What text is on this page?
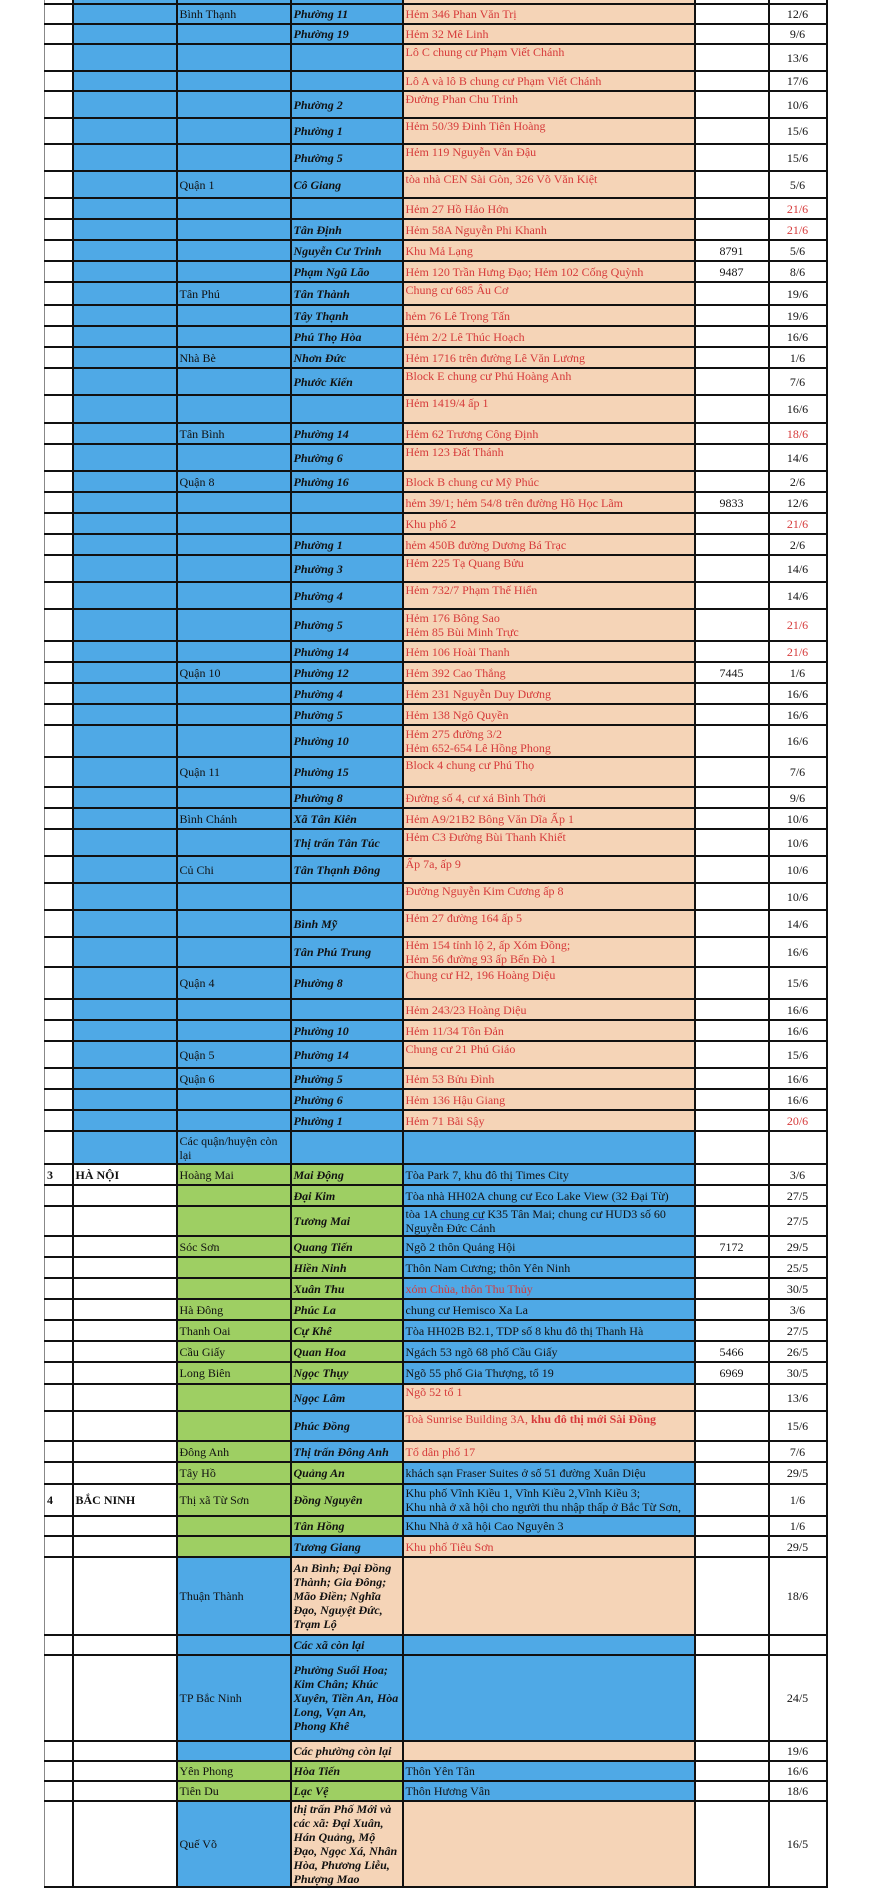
		Bình Thạnh	Phường 11	Hẻm 346 Phan Văn Trị		12/6
			Phường 19	Hẻm 32 Mê Linh		9/6
				Lô C chung cư Phạm Viết Chánh		13/6
				Lô A và lô B chung cư Phạm Viết Chánh		17/6
			Phường 2	Đường Phan Chu Trinh		10/6
			Phường 1	Hẻm 50/39 Đinh Tiên Hoàng		15/6
			Phường 5	Hẻm 119 Nguyễn Văn Đậu		15/6
		Quận 1	Cô Giang	tòa nhà CEN Sài Gòn, 326 Võ Văn Kiệt		5/6
				Hẻm 27 Hồ Hảo Hớn		21/6
			Tân Định	Hẻm 58A Nguyễn Phi Khanh		21/6
			Nguyễn Cư Trinh	Khu Mả Lạng	8791	5/6
			Phạm Ngũ Lão	Hẻm 120 Trần Hưng Đạo; Hẻm 102 Cống Quỳnh	9487	8/6
		Tân Phú	Tân Thành	Chung cư 685 Âu Cơ		19/6
			Tây Thạnh	hẻm 76 Lê Trọng Tấn		19/6
			Phú Thọ Hòa	Hẻm 2/2 Lê Thúc Hoạch		16/6
		Nhà Bè	Nhơn Đức	Hẻm 1716 trên đường Lê Văn Lương		1/6
			Phước Kiển	Block E chung cư Phú Hoàng Anh		7/6
				Hẻm 1419/4 ấp 1		16/6
		Tân Bình	Phường 14	Hẻm 62 Trương Công Định		18/6
			Phường 6	Hẻm 123 Đất Thánh		14/6
		Quận 8	Phường 16	Block B chung cư Mỹ Phúc		2/6
				hẻm 39/1; hẻm 54/8 trên đường Hồ Học Lãm	9833	12/6
				Khu phố 2		21/6
			Phường 1	hẻm 450B đường Dương Bá Trạc		2/6
			Phường 3	Hẻm 225 Tạ Quang Bửu		14/6
			Phường 4	Hẻm 732/7 Phạm Thế Hiển		14/6
			Phường 5	Hẻm 176 Bông Sao
Hẻm 85 Bùi Minh Trực		21/6
			Phường 14	Hẻm 106 Hoài Thanh		21/6
		Quận 10	Phường 12	Hẻm 392 Cao Thắng	7445	1/6
			Phường 4	Hẻm 231 Nguyễn Duy Dương		16/6
			Phường 5	Hẻm 138 Ngô Quyền		16/6
			Phường 10	Hẻm 275 đường 3/2
Hẻm 652-654 Lê Hồng Phong		16/6
		Quận 11	Phường 15	Block 4 chung cư Phú Thọ		7/6
			Phường 8	Đường số 4, cư xá Bình Thới		9/6
		Bình Chánh	Xã Tân Kiên	Hẻm A9/21B2 Bông Văn Dĩa Ấp 1		10/6
			Thị trấn Tân Túc	Hẻm C3 Đường Bùi Thanh Khiết		10/6
		Củ Chi	Tân Thạnh Đông	Ấp 7a, ấp 9		10/6
				Đường Nguyễn Kim Cương ấp 8		10/6
			Bình Mỹ	Hẻm 27 đường 164 ấp 5		14/6
			Tân Phú Trung	Hẻm 154 tỉnh lộ 2, ấp Xóm Đồng;
Hẻm 56 đường 93 ấp Bến Đò 1		16/6
		Quận 4	Phường 8	Chung cư H2, 196 Hoàng Diệu		15/6
				Hẻm 243/23 Hoàng Diệu		16/6
			Phường 10	Hẻm 11/34 Tôn Đản		16/6
		Quận 5	Phường 14	Chung cư 21 Phú Giáo		15/6
		Quận 6	Phường 5	Hẻm 53 Bửu Đình		16/6
			Phường 6	Hẻm 136 Hậu Giang		16/6
			Phường 1	Hẻm 71 Bãi Sậy		20/6
		Các quận/huyện còn lại				
3	HÀ NỘI	Hoàng Mai	Mai Động	Tòa Park 7, khu đô thị Times City		3/6
			Đại Kim	Tòa nhà HH02A chung cư Eco Lake View (32 Đại Từ)		27/5
			Tương Mai	tòa 1A chung cư K35 Tân Mai; chung cư HUD3 số 60 Nguyễn Đức Cảnh		27/5
		Sóc Sơn	Quang Tiến	Ngõ 2 thôn Quảng Hội	7172	29/5
			Hiền Ninh	Thôn Nam Cương; thôn Yên Ninh		25/5
			Xuân Thu	xóm Chùa, thôn Thu Thủy		30/5
		Hà Đông	Phúc La	chung cư Hemisco Xa La		3/6
		Thanh Oai	Cự Khê	Tòa HH02B B2.1, TDP số 8 khu đô thị Thanh Hà		27/5
		Cầu Giấy	Quan Hoa	Ngách 53 ngõ 68 phố Cầu Giấy	5466	26/5
		Long Biên	Ngọc Thụy	Ngõ 55 phố Gia Thượng, tổ 19	6969	30/5
			Ngọc Lâm	Ngõ 52 tổ 1		13/6
			Phúc Đồng	Toà Sunrise Building 3A, khu đô thị mới Sài Đồng		15/6
		Đông Anh	Thị trấn Đông Anh	Tổ dân phố 17		7/6
		Tây Hồ	Quảng An	khách sạn Fraser Suites ở số 51 đường Xuân Diệu		29/5
4	BẮC NINH	Thị xã Từ Sơn	Đồng Nguyên	Khu phố Vĩnh Kiều 1, Vĩnh Kiều 2,Vĩnh Kiều 3;
Khu nhà ở xã hội cho người thu nhập thấp ở Bắc Từ Sơn,		1/6
			Tân Hồng	Khu Nhà ở xã hội Cao Nguyên 3		1/6
			Tương Giang	Khu phố Tiêu Sơn		29/5
		Thuận Thành	An Bình; Đại Đồng Thành; Gia Đông; Mão Điền; Nghĩa Đạo, Nguyệt Đức, Trạm Lộ			18/6
			Các xã còn lại			
		TP Bắc Ninh	Phường Suối Hoa; Kim Chân; Khúc Xuyên, Tiền An, Hòa Long, Vạn An, Phong Khê			24/5
			Các phường còn lại			19/6
		Yên Phong	Hòa Tiến	Thôn Yên Tân		16/6
		Tiên Du	Lạc Vệ	Thôn Hương Vân		18/6
		Quế Võ	thị trấn Phố Mới và các xã: Đại Xuân, Hán Quảng, Mộ Đạo, Ngọc Xá, Nhân Hòa, Phương Liễu, Phượng Mao			16/5
